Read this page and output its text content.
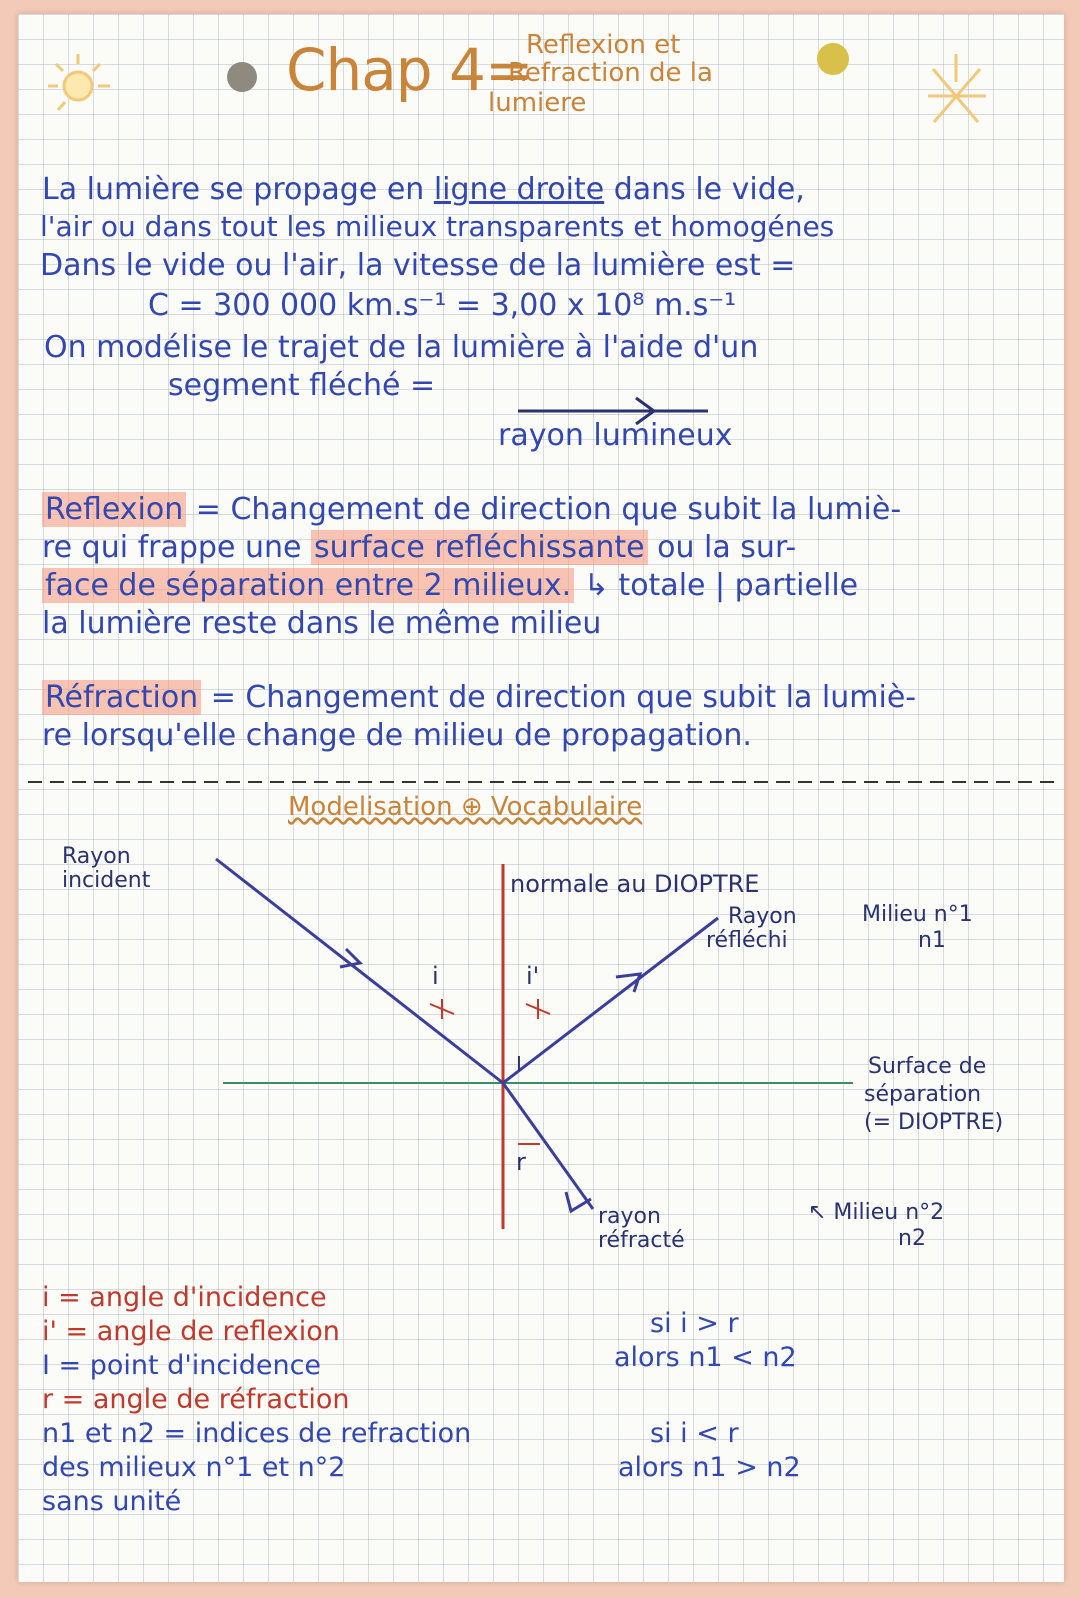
Chap 4=
Reflexion et
Refraction de la
lumiere
La lumière se propage en ligne droite dans le vide,
l'air ou dans tout les milieux transparents et homogénes
Dans le vide ou l'air, la vitesse de la lumière est =
C = 300 000 km.s⁻¹ = 3,00 x 10⁸ m.s⁻¹
On modélise le trajet de la lumière à l'aide d'un
segment fléché =
rayon lumineux
Reflexion = Changement de direction que subit la lumiè-
re qui frappe une surface refléchissante ou la sur-
face de séparation entre 2 milieux. ↳ totale | partielle
la lumière reste dans le même milieu
Réfraction = Changement de direction que subit la lumiè-
re lorsqu'elle change de milieu de propagation.
Modelisation ⊕ Vocabulaire
Rayon
incident	normale au DIOPTRE
Rayon
réfléchi
Milieu n°1
n1
Surface de
séparation
(= DIOPTRE)
↖ Milieu n°2
n2
rayon
réfracté
i	i'
I
r
i = angle d'incidence
i' = angle de reflexion
I = point d'incidence
r = angle de réfraction
n1 et n2 = indices de refraction
des milieux n°1 et n°2
sans unité
si i > r
alors n1 < n2
si i < r
alors n1 > n2
